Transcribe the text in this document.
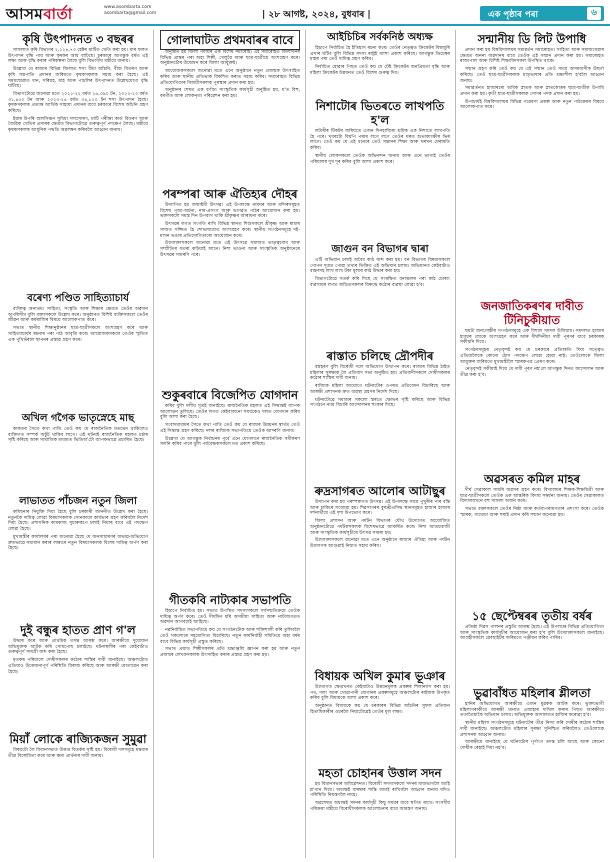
আসমবাৰ্তা	www.asombarta.com
asombarta@gmail.com	| ২৮ আগষ্ট, ২০২৪, বুধবাৰ |	এক পৃষ্ঠাৰ পৰা	৬
কৃষি উৎপাদনত ৩ বছৰৰ

সাফল্যত কৃষি বিভাগৰ ২,১২৪,৭৩ হেক্টৰ মাটিত খেতি কৰা হয়। যাৰ ফলত উৎপাদন বৃদ্ধি পায় আৰু কৃষকৰ আয় বাঢ়িছে। চৰকাৰে আগন্তুক বৰ্ষত এই লক্ষ্য আৰু বৃদ্ধি কৰাৰ পৰিকল্পনা লৈছে বুলি বিভাগীয় মন্ত্ৰীয়ে জনায়।

উল্লেখ্য যে ৰাজ্যৰ বিভিন্ন জিলাত শস্য বীমা আঁচনি, বীজ বিতৰণ আৰু কৃষি যন্ত্ৰপাতি প্ৰদানৰ জৰিয়তে কৃষকসকলক সহায় কৰা হৈছে। এই সময়ছোৱাত ধান, সৰিয়হ, মাহ আৰু পাচলিৰ উৎপাদনত উল্লেখযোগ্য বৃদ্ধি ঘটিছে।

বিভাগটোৱে জনোৱা মতে ২০২১-২২ বৰ্ষত ২৬,৩৯০ টন, ২০২২-২৩ বৰ্ষত ৩১,৪৫০ টন আৰু ২০২৩-২৪ বৰ্ষত ৩৪,৮২০ টন শস্য উৎপাদন হৈছে। কৃষকসকলক প্ৰত্যক্ষ আৰ্থিক সাহায্য প্ৰদানৰ বাবে চৰকাৰে বিশেষ আঁচনি গ্ৰহণ কৰিছে।

ইয়াৰ উপৰি জলসিঞ্চন সুবিধা সম্প্ৰসাৰণ, মাটি পৰীক্ষা কাৰ্ড বিতৰণ আৰু জৈৱিক খেতিৰ প্ৰসাৰৰ ক্ষেত্ৰত বিভাগটোৱে গুৰুত্বপূৰ্ণ পদক্ষেপ লৈছে। মন্ত্ৰীয়ে কৃষকসকলক আধুনিক পদ্ধতি অৱলম্বন কৰিবলৈ আহ্বান জনায়।

বৰেণ্য পণ্ডিত সাহিত্যাচাৰ্য

ব্যক্তিত্ব অন্যতম। সাহিত্য, সংস্কৃতি আৰু শিক্ষাৰ ক্ষেত্ৰত তেওঁৰ অৱদান অপৰিসীম বুলি বক্তাসকলে উল্লেখ কৰে। অনুষ্ঠানত বিশিষ্ট ব্যক্তিসকলে তেওঁৰ জীৱন আৰু কৰ্মৰাজিৰ বিষয়ে আলোকপাত কৰে।

সভাত স্থানীয় শিক্ষানুষ্ঠানৰ ছাত্ৰ-ছাত্ৰীসকলে অংশগ্ৰহণ কৰে আৰু সাহিত্যাচাৰ্যৰ ৰচনাৰ পৰা পাঠ আবৃত্তি কৰে। আয়োজকসকলে তেওঁৰ স্মৃতিত এক পুথিভঁৰাল স্থাপনৰ প্ৰস্তাৱ গ্ৰহণ কৰে।

অখিল গগৈক ভাতৃস্নেহে মাছ

কাকতৰ সৈতে কথা পাতি তেওঁ কয় যে ৰাজনৈতিক মতভেদ থাকিলেও ব্যক্তিগত সম্পৰ্ক অটুট থাকিব লাগে। এই ঘটনাই ৰাজনৈতিক মহলত চৰ্চাৰ সৃষ্টি কৰিছে আৰু সামাজিক মাধ্যমত ভিডিঅ'টো ব্যাপকভাৱে প্ৰচাৰিত হৈছে।

লাভাতত পাঁচজন নতুন জিলা

কমিছনাৰ নিযুক্তি দিয়া হৈছে বুলি চৰকাৰী জাননীত উল্লেখ কৰা হৈছে। নতুনকৈ দায়িত্ব লোৱা বিষয়াসকলক সোনকালে কাৰ্যভাৰ গ্ৰহণ কৰিবলৈ নিৰ্দেশ দিয়া হৈছে। প্ৰশাসনিক কামকাজ সুচাৰুৰূপে চলাই নিয়াৰ বাবে এই পদক্ষেপ লোৱা হৈছে।

মুখ্যমন্ত্ৰীৰ কাৰ্যালয়ৰ পৰা জনোৱা হৈছে যে জনসাধাৰণৰ অভাৱ-অভিযোগ দ্ৰুতভাৱে সমাধান কৰাৰ লক্ষ্যৰে নতুন বিষয়াসকলক বিশেষ দায়িত্ব অৰ্পণ কৰা হৈছে।

দুই বন্ধুৰ হাতত প্ৰাণ গ'ল

উদ্ধাৰ কৰে আৰু প্ৰাথমিক তদন্ত আৰম্ভ কৰে। আৰক্ষীয়ে দুয়োজন অভিযুক্তক আটক কৰি সোধপোছ চলাইছে। ঘটনাস্থলীৰ পৰা কেইবাটাও গুৰুত্বপূৰ্ণ সামগ্ৰী জব্দ কৰা হৈছে।

মৃতকৰ পৰিয়ালে দোষীসকলৰ কঠোৰ শাস্তিৰ দাবী জনাইছে। অঞ্চলটোত এতিয়াও উত্তেজনাপূৰ্ণ পৰিস্থিতি বিৰাজ কৰিছে আৰু আৰক্ষী মোতায়েন কৰা হৈছে।

মিয়াঁ লোকে ৰাজ্যিকজন সুমুৱা

বিষয়টো লৈ বিধানসভাত উত্তপ্ত বিতৰ্কৰ সৃষ্টি হয়। বিৰোধী দলসমূহে মন্তব্যৰ তীব্ৰ বিৰোধিতা কৰে আৰু ক্ষমা প্ৰাৰ্থনাৰ দাবী জনায়।

গোলাঘাটত প্ৰথমবাৰৰ বাবে

অনুষ্ঠিত হয় জিলা পৰ্যায়ৰ এক বিশেষ সমাৰোহ। এই সমাৰোহত জিলাখনৰ বিভিন্ন প্ৰান্তৰ পৰা অহা শিল্পী, খেলুৱৈ আৰু ছাত্ৰ-ছাত্ৰীয়ে অংশগ্ৰহণ কৰে। অনুষ্ঠানটোৰ উদ্বোধন কৰে জিলা আয়ুক্তই।

আয়োজকসকলে জনোৱা মতে এনে অনুষ্ঠানে নতুন প্ৰজন্মক উৎসাহিত কৰিব আৰু স্থানীয় প্ৰতিভাক বিকশিত কৰাত সহায় কৰিব। সমাৰোহত বিভিন্ন প্ৰতিযোগিতাৰ বিজয়ীসকলক পুৰস্কাৰ প্ৰদান কৰা হয়।

অনুষ্ঠানৰ শেষত এক বৰ্ণাঢ্য সাংস্কৃতিক কাৰ্যসূচী অনুষ্ঠিত হয়, য'ত বিহু, বৰগীত আৰু লোকনৃত্য পৰিৱেশন কৰা হয়।

পৰম্পৰা আৰু ঐতিহ্যৰ দৌহৰ

উদ্যাপিত হয় জন্মাষ্টমী উৎসৱ। এই উপলক্ষে নামঘৰ আৰু মন্দিৰসমূহত বিশেষ পূজা-অৰ্চনা, নাম-প্ৰসংগ আৰু ভাগৱত পাঠৰ আয়োজন কৰা হয়। ভক্তসকলে সমস্ত দিন উপবাস থাকি শ্ৰীকৃষ্ণৰ আৰাধনা কৰে।

উৎসৱৰ লগত সংগতি ৰাখি বিভিন্ন স্থানত শিশুসকলে শ্ৰীকৃষ্ণ আৰু ৰাধাৰ সাজত সজ্জিত হৈ শোভাযাত্ৰাত অংশগ্ৰহণ কৰে। স্থানীয় সংগঠনসমূহে দই-মাখন ভঙাৰ প্ৰতিযোগিতাৰো আয়োজন কৰে।

উদ্যোক্তাসকলে জনোৱা মতে এই উৎসৱে সমাজত ভাতৃত্ববোধ আৰু সম্প্ৰীতিৰ বতৰা কঢ়িয়াই আনে। নিশা ভাওনা আৰু সাংস্কৃতিক অনুষ্ঠানেৰে উৎসৱৰ সামৰণি পৰে।

শুকুৰবাৰে বিজেপিত যোগদান

কৰিব বুলি দলীয় সূত্ৰই জনাইছে। ৰাজনৈতিক মহলত এই সিদ্ধান্তই ব্যাপক আলোড়ন তুলিছে। তেওঁৰ লগত কেইবাজনো সমৰ্থকেও দলত যোগদান কৰিব বুলি আশা কৰা হৈছে।

সংবাদমাধ্যমৰ সৈতে কথা পাতি তেওঁ কয় যে ৰাজ্যৰ উন্নয়নৰ স্বাৰ্থত তেওঁ এই সিদ্ধান্ত গ্ৰহণ কৰিছে। দলৰ ৰাজ্যিক সভাপতিয়ে তেওঁক আদৰণি জনাব।

উল্লেখ্য যে আগন্তুক নিৰ্বাচনৰ পূৰ্বে এনে যোগদানে ৰাজনৈতিক সমীকৰণ সলনি কৰিব পাৰে বুলি পৰ্যবেক্ষকসকলে মত প্ৰকাশ কৰিছে।

গীতকবি নাট্যকাৰ সভাপতি

হিচাপে নিৰ্বাচিত হয়। সভাত উপস্থিত সদস্যসকলে সৰ্বসন্মতিক্ৰমে তেওঁক দায়িত্ব অৰ্পণ কৰে। তেওঁ দীৰ্ঘদিন ধৰি অসমীয়া সাহিত্য আৰু নাট্যজগতত অৱদান আগবঢ়াই আহিছে।

নৱনিৰ্বাচিত সভাপতিয়ে কয় যে সংগঠনটোক আৰু শক্তিশালী কৰি তুলিবলৈ তেওঁ সকলোৰে সহযোগিতা বিচাৰিছে। নতুন কাৰ্যনিৰ্বাহী সমিতিয়ে অহা বৰ্ষৰ বাবে বিভিন্ন কাৰ্যসূচী প্ৰস্তুত কৰিছে।

সভাত প্ৰয়াত শিল্পীসকলৰ প্ৰতি শ্ৰদ্ধাঞ্জলি জ্ঞাপন কৰা হয় আৰু নতুন প্ৰজন্মৰ লেখকসকলক উৎসাহিত কৰাৰ প্ৰস্তাৱ গ্ৰহণ কৰা হয়।

আইচিচিৰ সৰ্বকনিষ্ঠ অধ্যক্ষ

হিচাপে নিৰ্বাচিত হৈ ইতিহাস ৰচনা কৰে। তেওঁৰ নেতৃত্বত ক্ৰিকেটৰ বিশ্বজুৰি প্ৰসাৰ ঘটিব বুলি বিভিন্ন সদস্য ৰাষ্ট্ৰই আশা প্ৰকাশ কৰিছে। আগন্তুক ডিচেম্বৰ মাহৰ পৰা তেওঁ দায়িত্ব গ্ৰহণ কৰিব।

নিৰ্বাচিত হোৱাৰ পিছত তেওঁ কয় যে টেষ্ট ক্ৰিকেটৰ জনপ্ৰিয়তা বৃদ্ধি আৰু মহিলা ক্ৰিকেটৰ উন্নয়নত তেওঁ বিশেষ গুৰুত্ব দিব।

নিশাটোৰ ভিতৰতে লাখপতি হ'ল

লটাৰীৰ টিকটৰ জৰিয়তে এজন দিনহাজিৰা শ্ৰমিক এক নিশাতে লাখপতি হৈ পৰে। খবৰটো বিয়পি পৰাৰ লগে লগে তেওঁৰ ঘৰত শুভাকাংক্ষীৰ ভিৰ লাগে। তেওঁ কয় যে এই ধনেৰে তেওঁ সন্তানৰ শিক্ষা আৰু ঘৰখন মেৰামতি কৰিব।

স্থানীয় লোকসকলে তেওঁক অভিনন্দন জনায় আৰু এনে ভাগ্যই তেওঁৰ পৰিয়ালৰ দুখ দূৰ কৰিব বুলি আশা প্ৰকাশ কৰে।

জাগুন বন বিভাগৰ দ্বাৰা

এটি অভিযান চলাই অবৈধ কাঠ জব্দ কৰা হয়। বন বিভাগৰ বিষয়াসকলে গোপন সূত্ৰত পোৱা তথ্যৰ ভিত্তিত এই অভিযান চলায়। অভিযানত কেইবাটাও বাহনসহ লাখ লাখ টকা মূল্যৰ কাঠ উদ্ধাৰ কৰা হয়।

বিভাগটোৱে সতৰ্ক কৰি দিছে যে সংৰক্ষিত বনাঞ্চলৰ পৰা কাঠ চোৰাং ব্যৱসায়ৰ লগত জড়িতসকলৰ বিৰুদ্ধে কঠোৰ ব্যৱস্থা লোৱা হ'ব।

ৰাস্তাত চলিছে দ্ৰৌপদীৰ

বস্ত্ৰহৰণ বুলি বিৰোধী দলে অভিযোগ উত্থাপন কৰে। ৰাজ্যৰ বিভিন্ন ঠাইত মহিলাৰ সুৰক্ষাক লৈ প্ৰতিবাদ সভা অনুষ্ঠিত হয়। প্ৰতিবাদীসকলে দোষীসকলৰ কঠোৰ শাস্তিৰ দাবী জনায়।

ৰাজ্যিক মহিলা আয়োগে ঘটনাটোৰ ওপৰত প্ৰতিবেদন বিচাৰিছে আৰু আৰক্ষী প্ৰশাসনক দ্ৰুত ব্যৱস্থা গ্ৰহণৰ নিৰ্দেশ দিছে।

ঘটনাটোৱে সমাজৰ সকলো স্তৰতে ক্ষোভৰ সৃষ্টি কৰিছে আৰু বিভিন্ন সংগঠনে ন্যায় বিচাৰি আন্দোলনৰ হুংকাৰ দিছে।

ৰুদ্ৰসাগৰত আলোৰ আটাছুৰ

উদ্যাপন কৰা হয় পৰম্পৰাগত উৎসৱ। এই উপলক্ষে সমগ্ৰ পুখুৰীৰ পাৰ বন্তি আৰু চাকিৰে সজোৱা হয়। শিৱসাগৰৰ বুৰঞ্জীপ্ৰসিদ্ধ স্থানসমূহত হাজাৰ হাজাৰ দৰ্শনাৰ্থীয়ে এই দৃশ্য উপভোগ কৰে।

জিলা প্ৰশাসন আৰু পৰ্যটন বিভাগৰ যৌথ উদ্যোগত আয়োজিত অনুষ্ঠানটোৱে পৰ্যটকসকলক বিশেষভাৱে আকৰ্ষিত কৰে। নিশা আতচবাজী আৰু সাংস্কৃতিক কাৰ্যসূচীৰে উৎসৱ সামৰা হয়।

উদ্যোক্তাসকলে জনোৱা মতে এনে অনুষ্ঠানে ৰাজ্যৰ ঐতিহ্য আৰু পৰ্যটন উদ্যোগক আগুৱাই নিয়াত সহায় কৰিব।

বিধায়ক অখিল কুমাৰ ভূঞাৰ

উদ্যোগত ক্ষেত্ৰখনত কেইবাটাও উন্নয়নমূলক প্ৰকল্পৰ শিলান্যাস কৰা হয়। পথ, দলং আৰু খোৱাপানী যোগানৰ প্ৰকল্পসমূহে অঞ্চলটোৰ ৰাইজক উপকৃত কৰিব বুলি বিধায়কে আশা প্ৰকাশ কৰে।

অনুষ্ঠানত বিধায়কে কয় যে চৰকাৰৰ বিভিন্ন আঁচনিৰ সুফল প্ৰতিজন হিতাধিকাৰীৰ ওচৰলৈ নিয়াটোৱেই তেওঁৰ মূল লক্ষ্য।

মহতা চোহানৰ উত্তাল সদন

হয় বিধানসভাৰ অধিৱেশনত। বিৰোধী সদস্যসকলে সদনৰ মাজভাগলৈ আহি শ্ল'গান দিয়ে। অধ্যক্ষই বাৰম্বাৰ শান্তি বজাই ৰাখিবলৈ আহ্বান জনায় যদিও পৰিস্থিতি নিয়ন্ত্ৰণলৈ নাহে।

অৱশেষত অধ্যক্ষই সদনৰ কাৰ্যসূচী কিছু সময়ৰ বাবে স্থগিত ৰাখে। সংসদীয় পৰিক্ৰমা মন্ত্ৰীয়ে বিৰোধীসকলক আলোচনাৰ বাবে আমন্ত্ৰণ জনায়।

সন্মানীয় ডি লিট উপাধি

প্ৰদান কৰা হয় বিশ্ববিদ্যালয়ৰ সমাৱৰ্তন সমাৰোহত। সাহিত্য আৰু সমাজসেৱাৰ ক্ষেত্ৰত অনন্য অৱদানৰ বাবে তেওঁক এই সন্মান প্ৰদান কৰা হয়। সমাৰোহত ৰাজ্যপাল আৰু বিশিষ্ট শিক্ষাবিদসকল উপস্থিত থাকে।

সন্মান গ্ৰহণ কৰি তেওঁ কয় যে এই সন্মান তেওঁ সমগ্ৰ অসমবাসীক উছৰ্গা কৰিছে। তেওঁ ছাত্ৰ-ছাত্ৰীসকলক মাতৃভাষাৰ প্ৰতি শ্ৰদ্ধাশীল হ'বলৈ আহ্বান জনায়।

সমাৱৰ্তনত হাজাৰৰো অধিক স্নাতক আৰু স্নাতকোত্তৰ ছাত্ৰ-ছাত্ৰীক উপাধি প্ৰদান কৰা হয়। কৃতী ছাত্ৰ-ছাত্ৰীসকলক সোণৰ পদক প্ৰদান কৰা হয়।

উপাচাৰ্যই বিশ্ববিদ্যালয়ৰ বিভিন্ন গৱেষণা প্ৰকল্প আৰু নতুন পাঠ্যক্ৰমৰ বিষয়ে আলোকপাত কৰে।

জনজাতিকৰণৰ দাবীত টিনিচুকীয়াত

ছয়টা জনগোষ্ঠীৰ সংগঠনসমূহে এক বিশাল সমদল উলিয়ায়। সমদলত হাজাৰ হাজাৰ লোকে অংশগ্ৰহণ কৰে আৰু দীৰ্ঘদিনীয়া দাবী পূৰণৰ বাবে চৰকাৰক সকীয়নি দিয়ে।

সংগঠনসমূহৰ নেতৃবৃন্দই কয় যে চৰকাৰে প্ৰতিশ্ৰুতি দিয়া সত্ত্বেও এতিয়ালৈকে কোনো ঠোস পদক্ষেপ লোৱা হোৱা নাই। তেওঁলোকে জিলা আয়ুক্তৰ জৰিয়তে মুখ্যমন্ত্ৰীলৈ স্মাৰকপত্ৰ প্ৰেৰণ কৰে।

নেতৃবৃন্দই সকীয়াই দিয়ে যে দাবী পূৰণ নহ'লে আগন্তুক দিনত আন্দোলন আৰু তীব্ৰ কৰা হ'ব।

অৱসৰত কমিল মাহৰ

দীৰ্ঘ সেৱাকাল সামৰি অৱসৰ গ্ৰহণ কৰে। বিদ্যালয়ৰ শিক্ষক-শিক্ষয়িত্ৰী আৰু ছাত্ৰ-ছাত্ৰীসকলে তেওঁক এক আন্তৰিক বিদায় সম্বৰ্ধনা জনায়। তেওঁৰ সেৱাকালত বিদ্যালয়খনে বহু সাফল্য অৰ্জন কৰে।

সভাত বক্তাসকলে তেওঁৰ নিষ্ঠা আৰু কৰ্তব্যপৰায়ণতাৰ প্ৰশংসা কৰে। তেওঁক স্মাৰক, গামোচা আৰু শৰাই প্ৰদান কৰি সন্মান জনোৱা হয়।

১৫ ছেপ্টেম্বৰৰ তৃতীয় বৰ্ষৰ

প্ৰতিষ্ঠা দিৱস পালনৰ প্ৰস্তুতি আৰম্ভ হৈছে। এই উপলক্ষে বিভিন্ন প্ৰতিযোগিতা আৰু সাংস্কৃতিক কাৰ্যসূচীৰ আয়োজন কৰা হ'ব বুলি উদ্যোক্তাসকলে জনাইছে। আগ্ৰহীসকলে ৱেবছাইটৰ জৰিয়তে পঞ্জীয়ন কৰিব পাৰিব।

ভুৱাবাঁধত মহিলাৰ শ্লীলতা

হানিৰ অভিযোগত আৰক্ষীয়ে এজন যুৱকক আটক কৰে। ভুক্তভোগী মহিলাগৰাকীয়ে আৰক্ষী থানাত এজাহাৰ দাখিল কৰাৰ পিছত আৰক্ষীয়ে ততাতৈয়াকৈ অভিযান চলায়। অভিযুক্তক আদালতত হাজিৰ কৰোৱা হ'ব।

স্থানীয় মহিলা সংগঠনসমূহে ঘটনাটোৰ তীব্ৰ নিন্দা কৰি দোষীৰ কঠোৰ শাস্তিৰ দাবী জনাইছে। অঞ্চলটোত মহিলাৰ সুৰক্ষা সুনিশ্চিত কৰিবলৈও তেওঁলোকে প্ৰশাসনক আহ্বান জনায়।

আৰক্ষীয়ে জনাইছে যে ঘটনাটোৰ পূৰ্ণাংগ তদন্ত চলি আছে আৰু কোনো দোষীক ৰেহাই দিয়া নহ'ব।
